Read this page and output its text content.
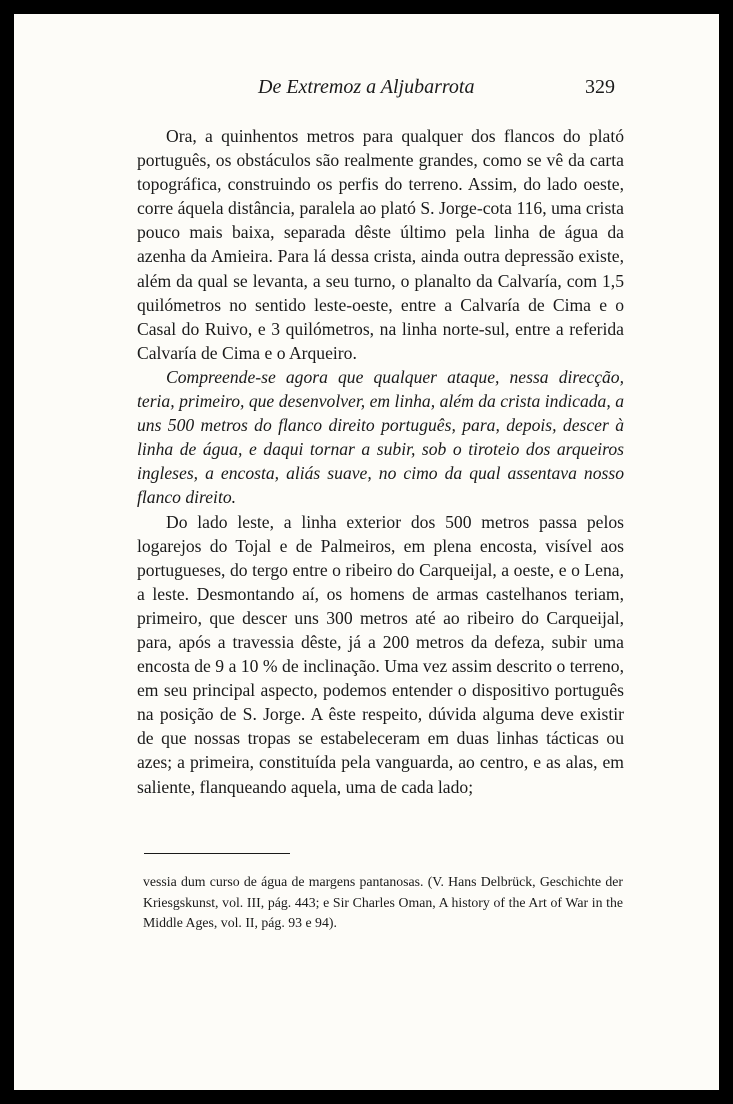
De Extremoz a Aljubarrota	329

Ora, a quinhentos metros para qualquer dos flancos do plató português, os obstáculos são realmente grandes, como se vê da carta topográfica, construindo os perfis do terreno. Assim, do lado oeste, corre áquela distância, paralela ao plató S. Jorge-cota 116, uma crista pouco mais baixa, separada dêste último pela linha de água da azenha da Amieira. Para lá dessa crista, ainda outra depressão existe, além da qual se levanta, a seu turno, o planalto da Calvaría, com 1,5 quilómetros no sentido leste-oeste, entre a Calvaría de Cima e o Casal do Ruivo, e 3 quilómetros, na linha norte-sul, entre a referida Calvaría de Cima e o Arqueiro.

Compreende-se agora que qualquer ataque, nessa direcção, teria, primeiro, que desenvolver, em linha, além da crista indicada, a uns 500 metros do flanco direito português, para, depois, descer à linha de água, e daqui tornar a subir, sob o tiroteio dos arqueiros ingleses, a encosta, aliás suave, no cimo da qual assentava nosso flanco direito.

Do lado leste, a linha exterior dos 500 metros passa pelos logarejos do Tojal e de Palmeiros, em plena encosta, visível aos portugueses, do tergo entre o ribeiro do Carqueijal, a oeste, e o Lena, a leste. Desmontando aí, os homens de armas castelhanos teriam, primeiro, que descer uns 300 metros até ao ribeiro do Carqueijal, para, após a travessia dêste, já a 200 metros da defeza, subir uma encosta de 9 a 10 % de inclinação. Uma vez assim descrito o terreno, em seu principal aspecto, podemos entender o dispositivo português na posição de S. Jorge. A êste respeito, dúvida alguma deve existir de que nossas tropas se estabeleceram em duas linhas tácticas ou azes; a primeira, constituída pela vanguarda, ao centro, e as alas, em saliente, flanqueando aquela, uma de cada lado;

vessia dum curso de água de margens pantanosas. (V. Hans Delbrück, Geschichte der Kriesgskunst, vol. III, pág. 443; e Sir Charles Oman, A history of the Art of War in the Middle Ages, vol. II, pág. 93 e 94).
